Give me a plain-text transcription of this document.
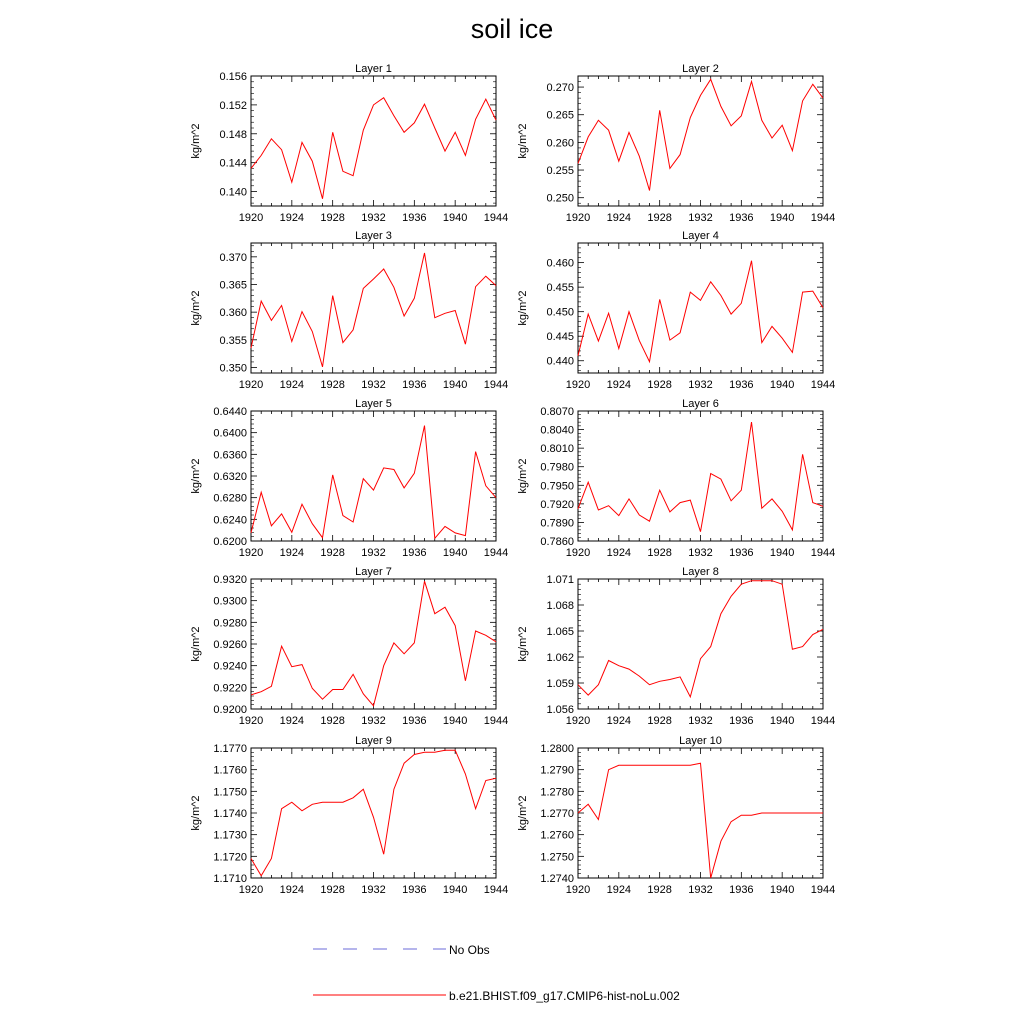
soil ice
Layer 1
1920 1924 1928 1932 1936 1940 1944
0.140
0.144
0.148
0.152
0.156
kg/m^2
Layer 2
1920 1924 1928 1932 1936 1940 1944
0.250
0.255
0.260
0.265
0.270
kg/m^2
Layer 3
1920 1924 1928 1932 1936 1940 1944
0.350
0.355
0.360
0.365
0.370
kg/m^2
Layer 4
1920 1924 1928 1932 1936 1940 1944
0.440
0.445
0.450
0.455
0.460
kg/m^2
Layer 5
1920 1924 1928 1932 1936 1940 1944
0.6200
0.6240
0.6280
0.6320
0.6360
0.6400
0.6440
kg/m^2
Layer 6
1920 1924 1928 1932 1936 1940 1944
0.7860
0.7890
0.7920
0.7950
0.7980
0.8010
0.8040
0.8070
kg/m^2
Layer 7
1920 1924 1928 1932 1936 1940 1944
0.9200
0.9220
0.9240
0.9260
0.9280
0.9300
0.9320
kg/m^2
Layer 8
1920 1924 1928 1932 1936 1940 1944
1.056
1.059
1.062
1.065
1.068
1.071
kg/m^2
Layer 9
1920 1924 1928 1932 1936 1940 1944
1.1710
1.1720
1.1730
1.1740
1.1750
1.1760
1.1770
kg/m^2
Layer 10
1920 1924 1928 1932 1936 1940 1944
1.2740
1.2750
1.2760
1.2770
1.2780
1.2790
1.2800
kg/m^2
No Obs
b.e21.BHIST.f09_g17.CMIP6-hist-noLu.002
